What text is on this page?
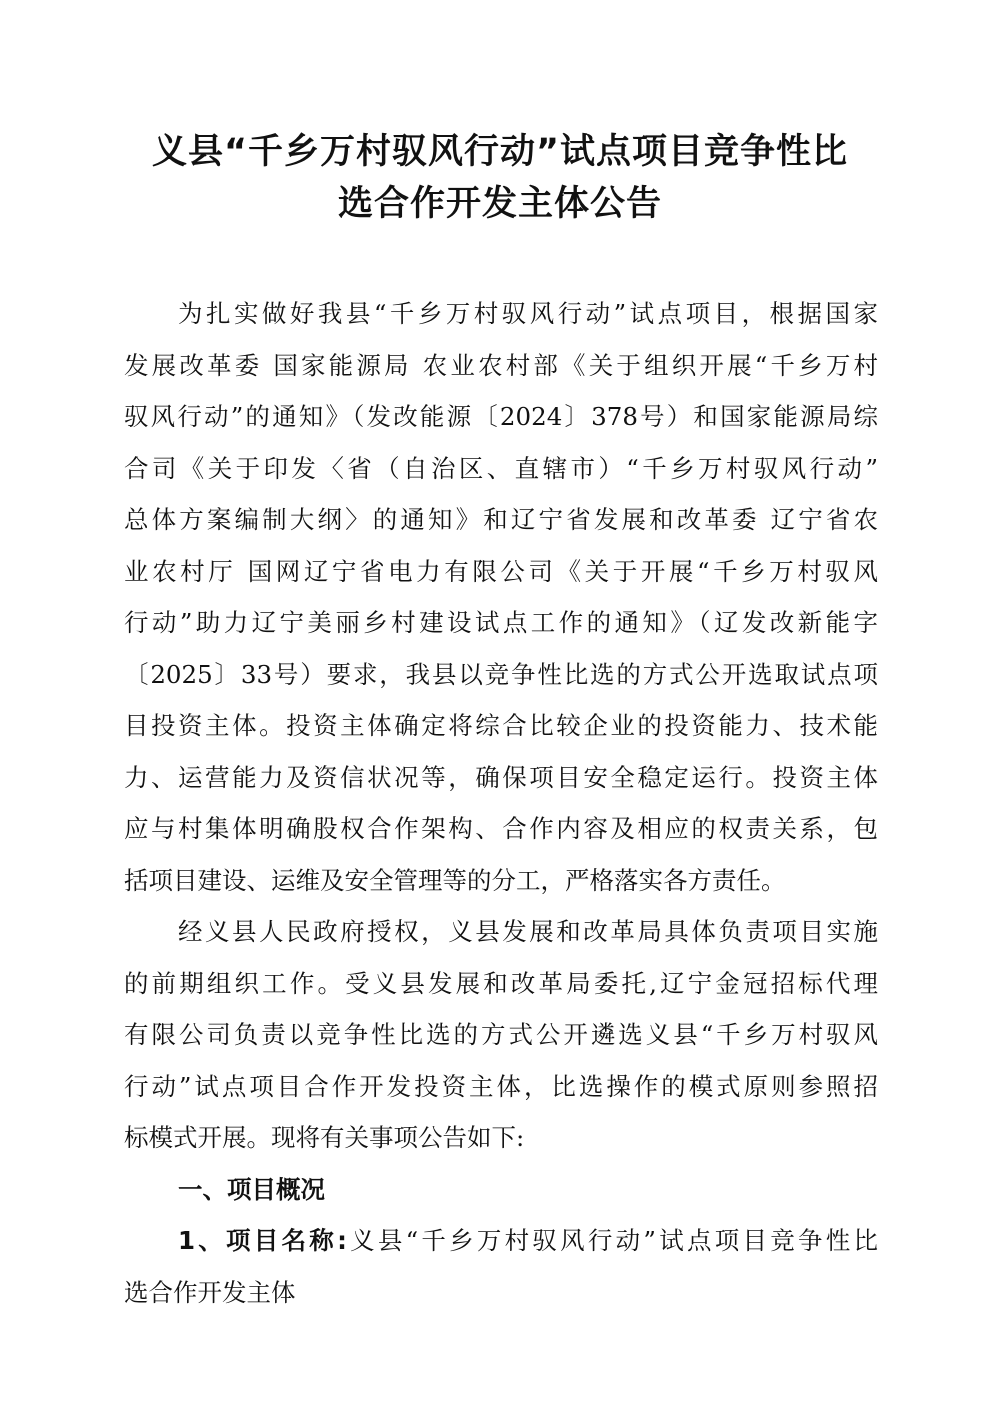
义县“千乡万村驭风行动”试点项目竞争性比
选合作开发主体公告
为扎实做好我县“千乡万村驭风行动”试点项目，根据国家
发展改革委 国家能源局 农业农村部《关于组织开展“千乡万村
驭风行动”的通知》（发改能源〔2024〕378号）和国家能源局综
合司《关于印发〈省（自治区、直辖市）“千乡万村驭风行动”
总体方案编制大纲〉的通知》和辽宁省发展和改革委 辽宁省农
业农村厅 国网辽宁省电力有限公司《关于开展“千乡万村驭风
行动”助力辽宁美丽乡村建设试点工作的通知》（辽发改新能字
〔2025〕33号）要求，我县以竞争性比选的方式公开选取试点项
目投资主体。投资主体确定将综合比较企业的投资能力、技术能
力、运营能力及资信状况等，确保项目安全稳定运行。投资主体
应与村集体明确股权合作架构、合作内容及相应的权责关系，包
括项目建设、运维及安全管理等的分工，严格落实各方责任。
经义县人民政府授权，义县发展和改革局具体负责项目实施
的前期组织工作。受义县发展和改革局委托,辽宁金冠招标代理
有限公司负责以竞争性比选的方式公开遴选义县“千乡万村驭风
行动”试点项目合作开发投资主体，比选操作的模式原则参照招
标模式开展。现将有关事项公告如下:
一、项目概况
1、项目名称:义县“千乡万村驭风行动”试点项目竞争性比
选合作开发主体
